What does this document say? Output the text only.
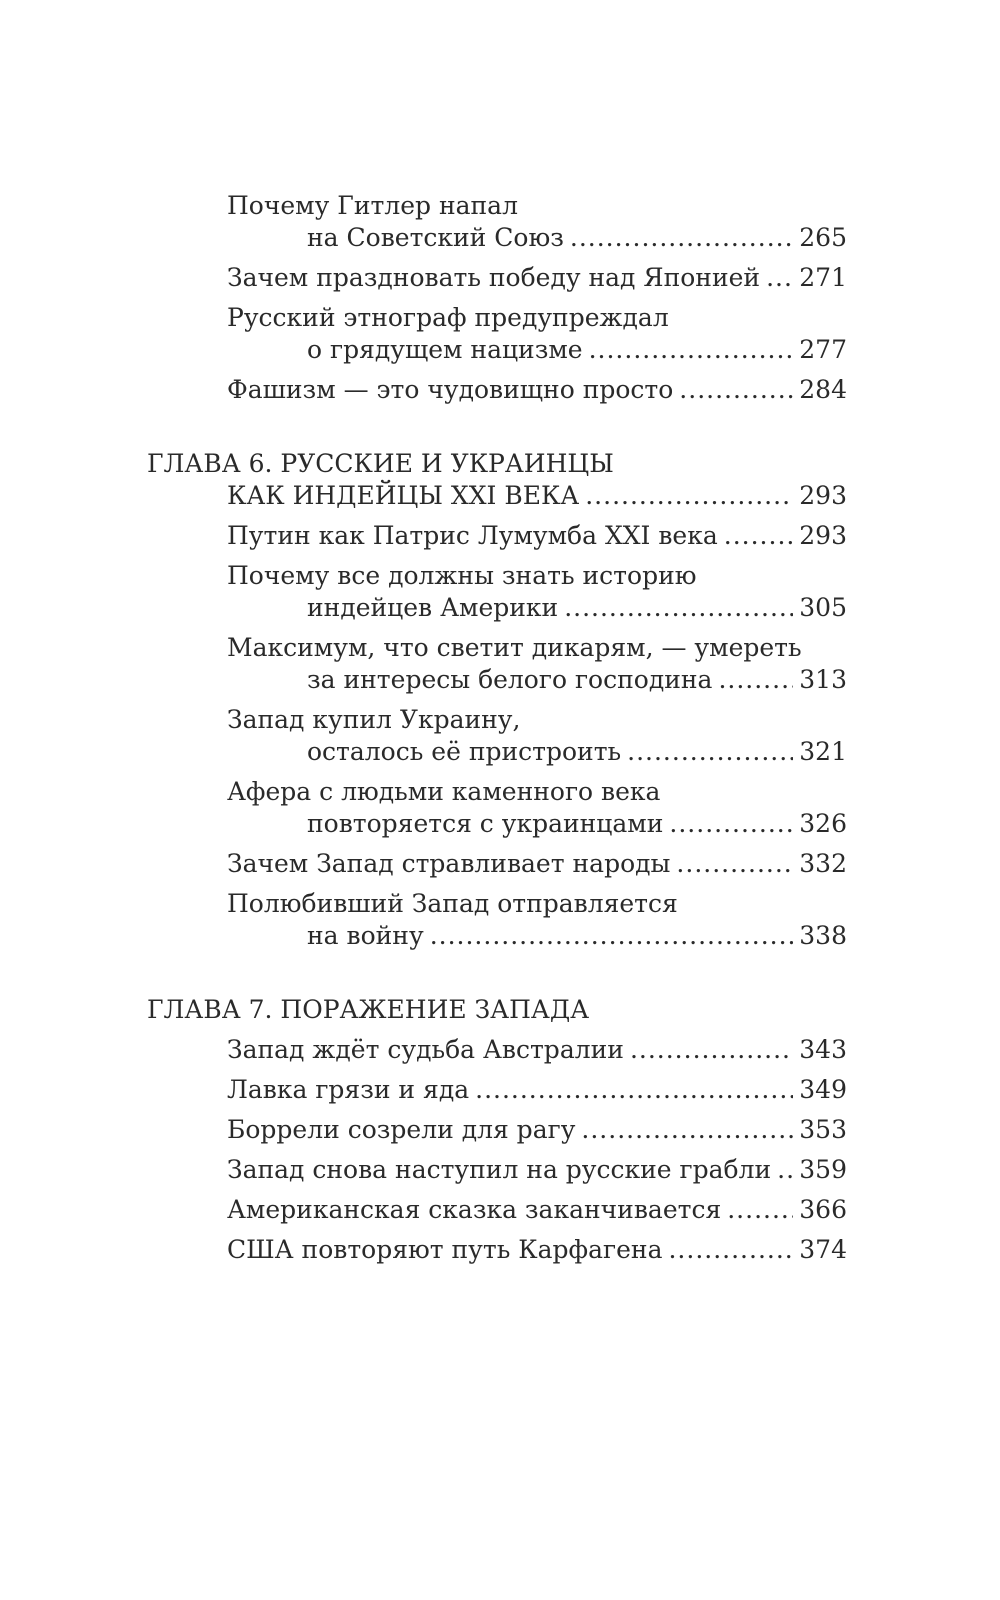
Почему Гитлер напал
на Советский Союз .....	265
Зачем праздновать победу над Японией ..... 271
Русский этнограф предупреждал
о грядущем нацизме .....	277
Фашизм — это чудовищно просто .....	284
ГЛАВА 6. РУССКИЕ И УКРАИНЦЫ
КАК ИНДЕЙЦЫ XXI ВЕКА .....	293
Путин как Патрис Лумумба XXI века .....	293
Почему все должны знать историю
индейцев Америки .....	305
Максимум, что светит дикарям, — умереть
за интересы белого господина .....	313
Запад купил Украину,
осталось её пристроить .....	321
Афера с людьми каменного века
повторяется с украинцами .....	326
Зачем Запад стравливает народы .....	332
Полюбивший Запад отправляется
на войну .....	338
ГЛАВА 7. ПОРАЖЕНИЕ ЗАПАДА
Запад ждёт судьба Австралии .....	343
Лавка грязи и яда .....	349
Боррели созрели для рагу .....	353
Запад снова наступил на русские грабли ..... 359
Американская сказка заканчивается .....	366
США повторяют путь Карфагена .....	374
